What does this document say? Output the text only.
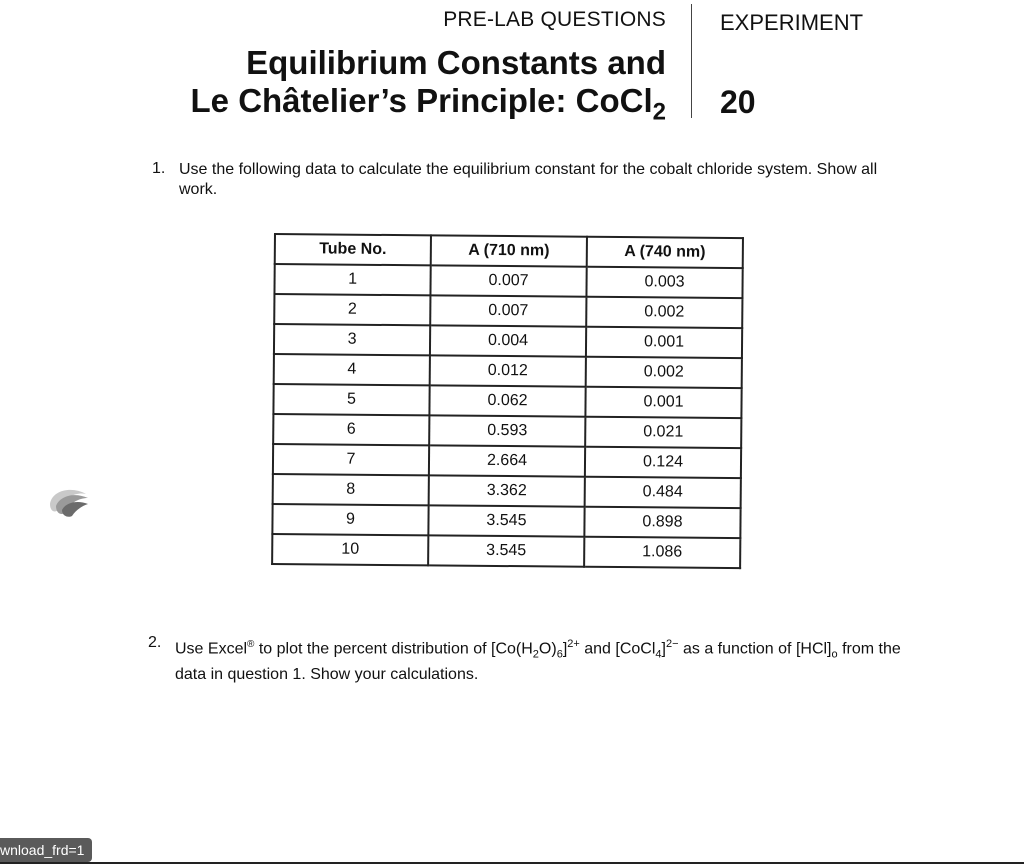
PRE-LAB QUESTIONS
Equilibrium Constants and
Le Châtelier’s Principle: CoCl$_2$
EXPERIMENT
20
1. Use the following data to calculate the equilibrium constant for the cobalt chloride system. Show all work.
Tube No.	A (710 nm)	A (740 nm)
1	0.007	0.003
2	0.007	0.002
3	0.004	0.001
4	0.012	0.002
5	0.062	0.001
6	0.593	0.021
7	2.664	0.124
8	3.362	0.484
9	3.545	0.898
10	3.545	1.086
2. Use Excel® to plot the percent distribution of $[Co(H_2O)_6]^{2+}$ and [CoCl$_4$]$^{2-}$ as a function of $[HCl]_o$ from the data in question 1. Show your calculations.
wnload_frd=1
